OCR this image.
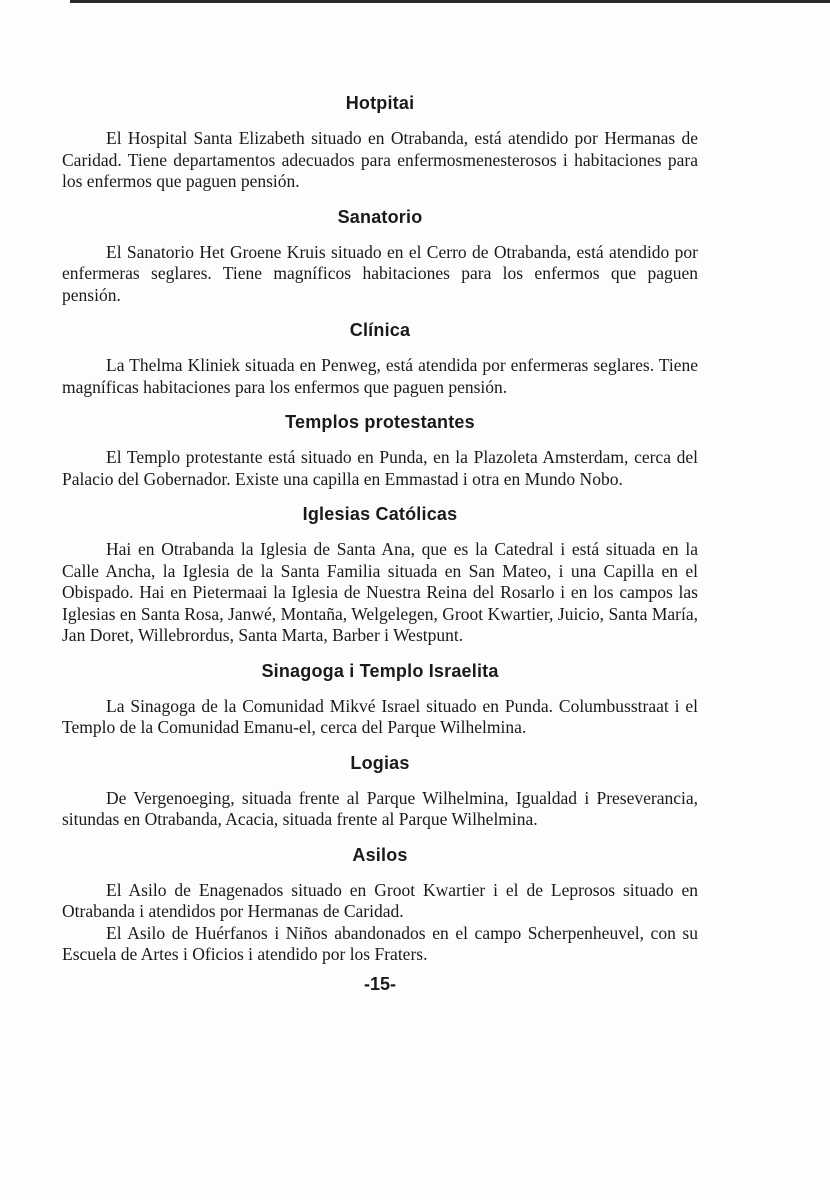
Hotpitai

El Hospital Santa Elizabeth situado en Otrabanda, está atendido por Hermanas de Caridad. Tiene departamentos adecuados para enfermosmenesterosos i habitaciones para los enfermos que paguen pensión.

Sanatorio

El Sanatorio Het Groene Kruis situado en el Cerro de Otrabanda, está atendido por enfermeras seglares. Tiene magníficos habitaciones para los enfermos que paguen pensión.

Clínica

La Thelma Kliniek situada en Penweg, está atendida por enfermeras seglares. Tiene magníficas habitaciones para los enfermos que paguen pensión.

Templos protestantes

El Templo protestante está situado en Punda, en la Plazoleta Amsterdam, cerca del Palacio del Gobernador. Existe una capilla en Emmastad i otra en Mundo Nobo.

Iglesias Católicas

Hai en Otrabanda la Iglesia de Santa Ana, que es la Catedral i está situada en la Calle Ancha, la Iglesia de la Santa Familia situada en San Mateo, i una Capilla en el Obispado. Hai en Pietermaai la Iglesia de Nuestra Reina del Rosarlo i en los campos las Iglesias en Santa Rosa, Janwé, Montaña, Welgelegen, Groot Kwartier, Juicio, Santa María, Jan Doret, Willebrordus, Santa Marta, Barber i Westpunt.

Sinagoga i Templo Israelita

La Sinagoga de la Comunidad Mikvé Israel situado en Punda. Columbusstraat i el Templo de la Comunidad Emanu-el, cerca del Parque Wilhelmina.

Logias

De Vergenoeging, situada frente al Parque Wilhelmina, Igualdad i Preseverancia, situndas en Otrabanda, Acacia, situada frente al Parque Wilhelmina.

Asilos

El Asilo de Enagenados situado en Groot Kwartier i el de Leprosos situado en Otrabanda i atendidos por Hermanas de Caridad.

El Asilo de Huérfanos i Niños abandonados en el campo Scherpenheuvel, con su Escuela de Artes i Oficios i atendido por los Fraters.

-15-
